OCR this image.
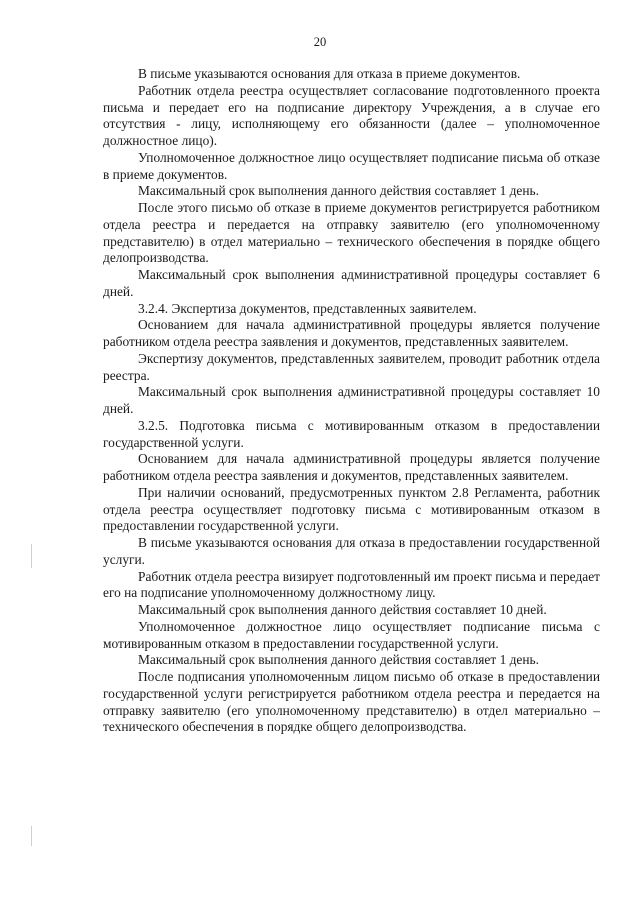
20

В письме указываются основания для отказа в приеме документов.

Работник отдела реестра осуществляет согласование подготовленного проекта письма и передает его на подписание директору Учреждения, а в случае его отсутствия - лицу, исполняющему его обязанности (далее – уполномоченное должностное лицо).

Уполномоченное должностное лицо осуществляет подписание письма об отказе в приеме документов.

Максимальный срок выполнения данного действия составляет 1 день.

После этого письмо об отказе в приеме документов регистрируется работником отдела реестра и передается на отправку заявителю (его уполномоченному представителю) в отдел материально – технического обеспечения в порядке общего делопроизводства.

Максимальный срок выполнения административной процедуры составляет 6 дней.

3.2.4. Экспертиза документов, представленных заявителем.

Основанием для начала административной процедуры является получение работником отдела реестра заявления и документов, представленных заявителем.

Экспертизу документов, представленных заявителем, проводит работник отдела реестра.

Максимальный срок выполнения административной процедуры составляет 10 дней.

3.2.5. Подготовка письма с мотивированным отказом в предоставлении государственной услуги.

Основанием для начала административной процедуры является получение работником отдела реестра заявления и документов, представленных заявителем.

При наличии оснований, предусмотренных пунктом 2.8 Регламента, работник отдела реестра осуществляет подготовку письма с мотивированным отказом в предоставлении государственной услуги.

В письме указываются основания для отказа в предоставлении государственной услуги.

Работник отдела реестра визирует подготовленный им проект письма и передает его на подписание уполномоченному должностному лицу.

Максимальный срок выполнения данного действия составляет 10 дней.

Уполномоченное должностное лицо осуществляет подписание письма с мотивированным отказом в предоставлении государственной услуги.

Максимальный срок выполнения данного действия составляет 1 день.

После подписания уполномоченным лицом письмо об отказе в предоставлении государственной услуги регистрируется работником отдела реестра и передается на отправку заявителю (его уполномоченному представителю) в отдел материально – технического обеспечения в порядке общего делопроизводства.
